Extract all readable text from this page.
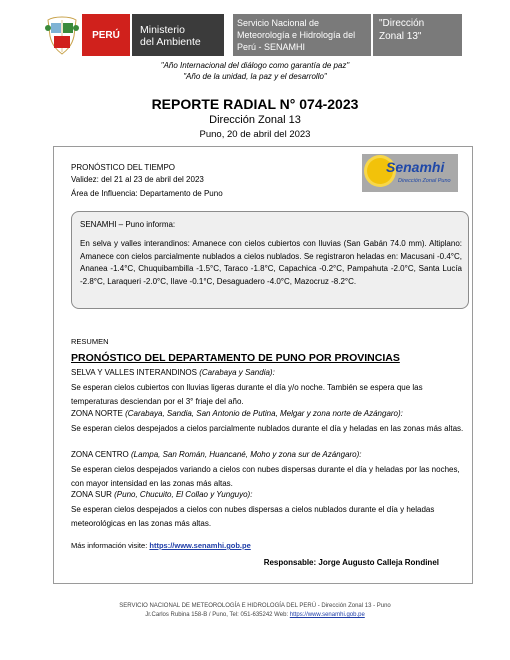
PERÚ	Ministerio
del Ambiente
Servicio Nacional de
Meteorología e Hidrología del
Perú - SENAMHI
"Dirección
Zonal 13"
"Año Internacional del diálogo como garantía de paz"
"Año de la unidad, la paz y el desarrollo"
REPORTE RADIAL N° 074-2023
Dirección Zonal 13
Puno, 20 de abril del 2023
PRONÓSTICO DEL TIEMPO
Validez: del 21 al 23 de abril del 2023
Área de Influencia: Departamento de Puno
Senamhi
Dirección Zonal Puno
SENAMHI – Puno informa:
En selva y valles interandinos: Amanece con cielos cubiertos con lluvias (San Gabán 74.0 mm). Altiplano: Amanece con cielos parcialmente nublados a cielos nublados. Se registraron heladas en: Macusani -0.4°C, Ananea -1.4°C, Chuquibambilla -1.5°C, Taraco -1.8°C, Capachica -0.2°C, Pampahuta -2.0°C, Santa Lucía -2.8°C, Laraqueri -2.0°C, Ilave -0.1°C, Desaguadero -4.0°C, Mazocruz -8.2°C.
RESUMEN
PRONÓSTICO DEL DEPARTAMENTO DE PUNO POR PROVINCIAS
SELVA Y VALLES INTERANDINOS (Carabaya y Sandia):
Se esperan cielos cubiertos con lluvias ligeras durante el día y/o noche. También se espera que las temperaturas desciendan por el 3° friaje del año.
ZONA NORTE (Carabaya, Sandia, San Antonio de Putina, Melgar y zona norte de Azángaro):
Se esperan cielos despejados a cielos parcialmente nublados durante el día y heladas en las zonas más altas.
ZONA CENTRO (Lampa, San Román, Huancané, Moho y zona sur de Azángaro):
Se esperan cielos despejados variando a cielos con nubes dispersas durante el día y heladas por las noches, con mayor intensidad en las zonas más altas.
ZONA SUR (Puno, Chucuito, El Collao y Yunguyo):
Se esperan cielos despejados a cielos con nubes dispersas a cielos nublados durante el día y heladas meteorológicas en las zonas más altas.
Más información visite: https://www.senamhi.gob.pe
Responsable: Jorge Augusto Calleja Rondinel
SERVICIO NACIONAL DE METEOROLOGÍA E HIDROLOGÍA DEL PERÚ - Dirección Zonal 13 - Puno
Jr.Carlos Rubina 158-B / Puno, Tel: 051-635242 Web: https://www.senamhi.gob.pe
